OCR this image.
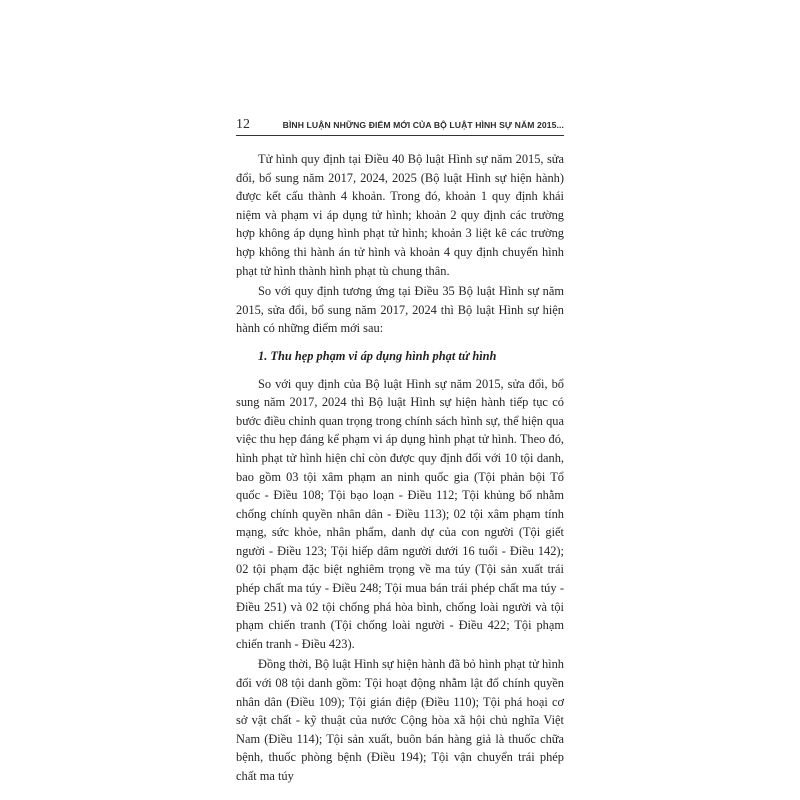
12	BÌNH LUẬN NHỮNG ĐIỂM MỚI CỦA BỘ LUẬT HÌNH SỰ NĂM 2015...

Tử hình quy định tại Điều 40 Bộ luật Hình sự năm 2015, sửa đổi, bổ sung năm 2017, 2024, 2025 (Bộ luật Hình sự hiện hành) được kết cấu thành 4 khoản. Trong đó, khoản 1 quy định khái niệm và phạm vi áp dụng tử hình; khoản 2 quy định các trường hợp không áp dụng hình phạt tử hình; khoản 3 liệt kê các trường hợp không thi hành án tử hình và khoản 4 quy định chuyển hình phạt tử hình thành hình phạt tù chung thân.

So với quy định tương ứng tại Điều 35 Bộ luật Hình sự năm 2015, sửa đổi, bổ sung năm 2017, 2024 thì Bộ luật Hình sự hiện hành có những điểm mới sau:

1. Thu hẹp phạm vi áp dụng hình phạt tử hình

So với quy định của Bộ luật Hình sự năm 2015, sửa đổi, bổ sung năm 2017, 2024 thì Bộ luật Hình sự hiện hành tiếp tục có bước điều chỉnh quan trọng trong chính sách hình sự, thể hiện qua việc thu hẹp đáng kể phạm vi áp dụng hình phạt tử hình. Theo đó, hình phạt tử hình hiện chỉ còn được quy định đối với 10 tội danh, bao gồm 03 tội xâm phạm an ninh quốc gia (Tội phản bội Tổ quốc - Điều 108; Tội bạo loạn - Điều 112; Tội khủng bố nhằm chống chính quyền nhân dân - Điều 113); 02 tội xâm phạm tính mạng, sức khỏe, nhân phẩm, danh dự của con người (Tội giết người - Điều 123; Tội hiếp dâm người dưới 16 tuổi - Điều 142); 02 tội phạm đặc biệt nghiêm trọng về ma túy (Tội sản xuất trái phép chất ma túy - Điều 248; Tội mua bán trái phép chất ma túy - Điều 251) và 02 tội chống phá hòa bình, chống loài người và tội phạm chiến tranh (Tội chống loài người - Điều 422; Tội phạm chiến tranh - Điều 423).

Đồng thời, Bộ luật Hình sự hiện hành đã bỏ hình phạt tử hình đối với 08 tội danh gồm: Tội hoạt động nhằm lật đổ chính quyền nhân dân (Điều 109); Tội gián điệp (Điều 110); Tội phá hoại cơ sở vật chất - kỹ thuật của nước Cộng hòa xã hội chủ nghĩa Việt Nam (Điều 114); Tội sản xuất, buôn bán hàng giả là thuốc chữa bệnh, thuốc phòng bệnh (Điều 194); Tội vận chuyển trái phép chất ma túy
